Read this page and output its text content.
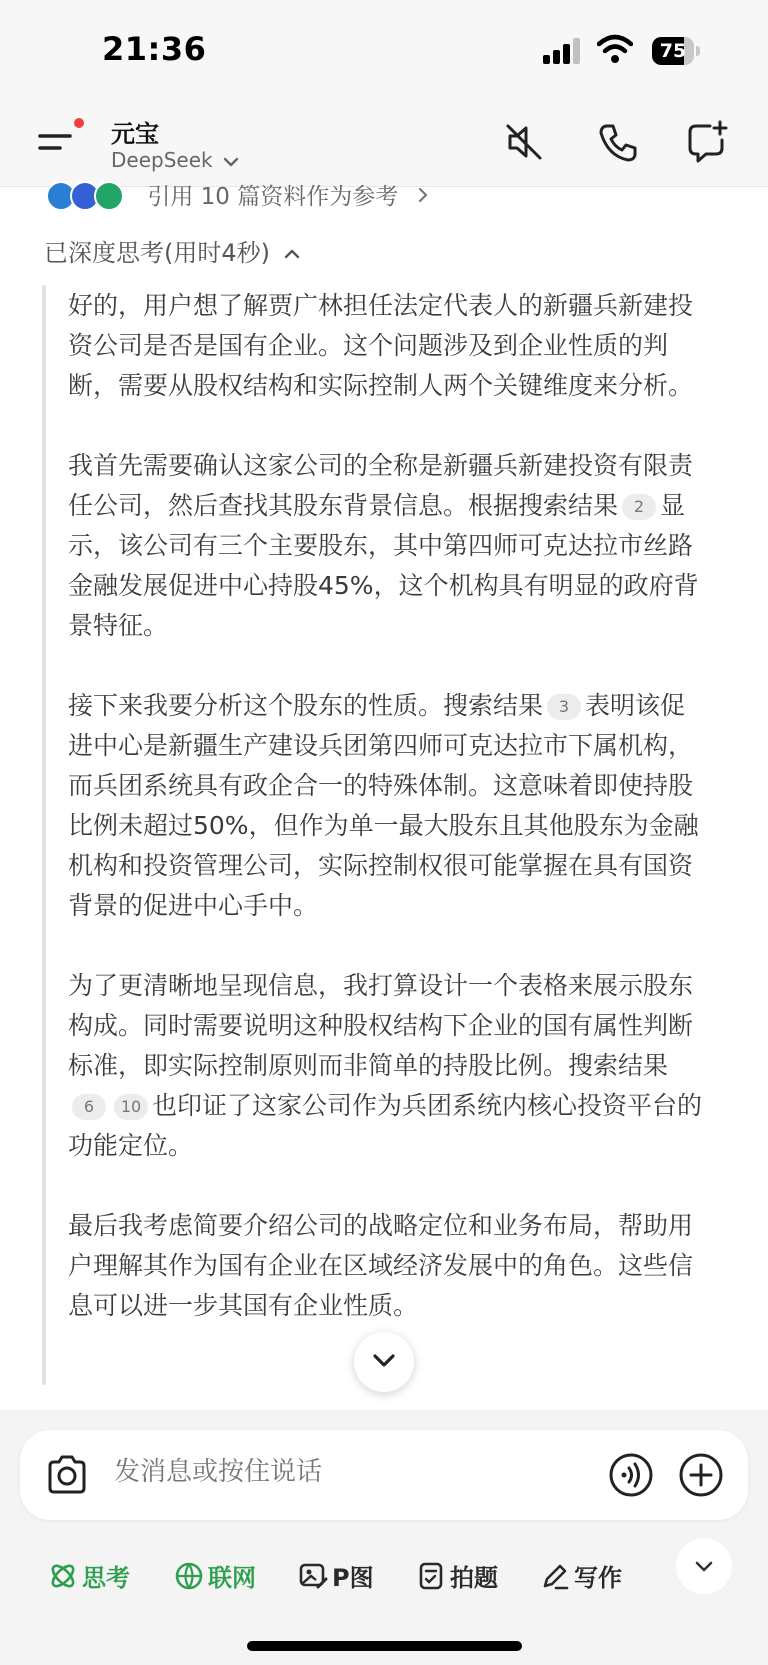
21:36	75
元宝
DeepSeek
引用 10 篇资料作为参考
已深度思考(用时4秒)

好的，用户想了解贾广林担任法定代表人的新疆兵新建投资公司是否是国有企业。这个问题涉及到企业性质的判断，需要从股权结构和实际控制人两个关键维度来分析。

我首先需要确认这家公司的全称是新疆兵新建投资有限责任公司，然后查找其股东背景信息。根据搜索结果 2 显示，该公司有三个主要股东，其中第四师可克达拉市丝路金融发展促进中心持股45%，这个机构具有明显的政府背景特征。

接下来我要分析这个股东的性质。搜索结果 3 表明该促进中心是新疆生产建设兵团第四师可克达拉市下属机构，而兵团系统具有政企合一的特殊体制。这意味着即使持股比例未超过50%，但作为单一最大股东且其他股东为金融机构和投资管理公司，实际控制权很可能掌握在具有国资背景的促进中心手中。

为了更清晰地呈现信息，我打算设计一个表格来展示股东构成。同时需要说明这种股权结构下企业的国有属性判断标准，即实际控制原则而非简单的持股比例。搜索结果6 10 也印证了这家公司作为兵团系统内核心投资平台的功能定位。

最后我考虑简要介绍公司的战略定位和业务布局，帮助用户理解其作为国有企业在区域经济发展中的角色。这些信息可以进一步其国有企业性质。

发消息或按住说话
思考	联网	P图	拍题	写作
